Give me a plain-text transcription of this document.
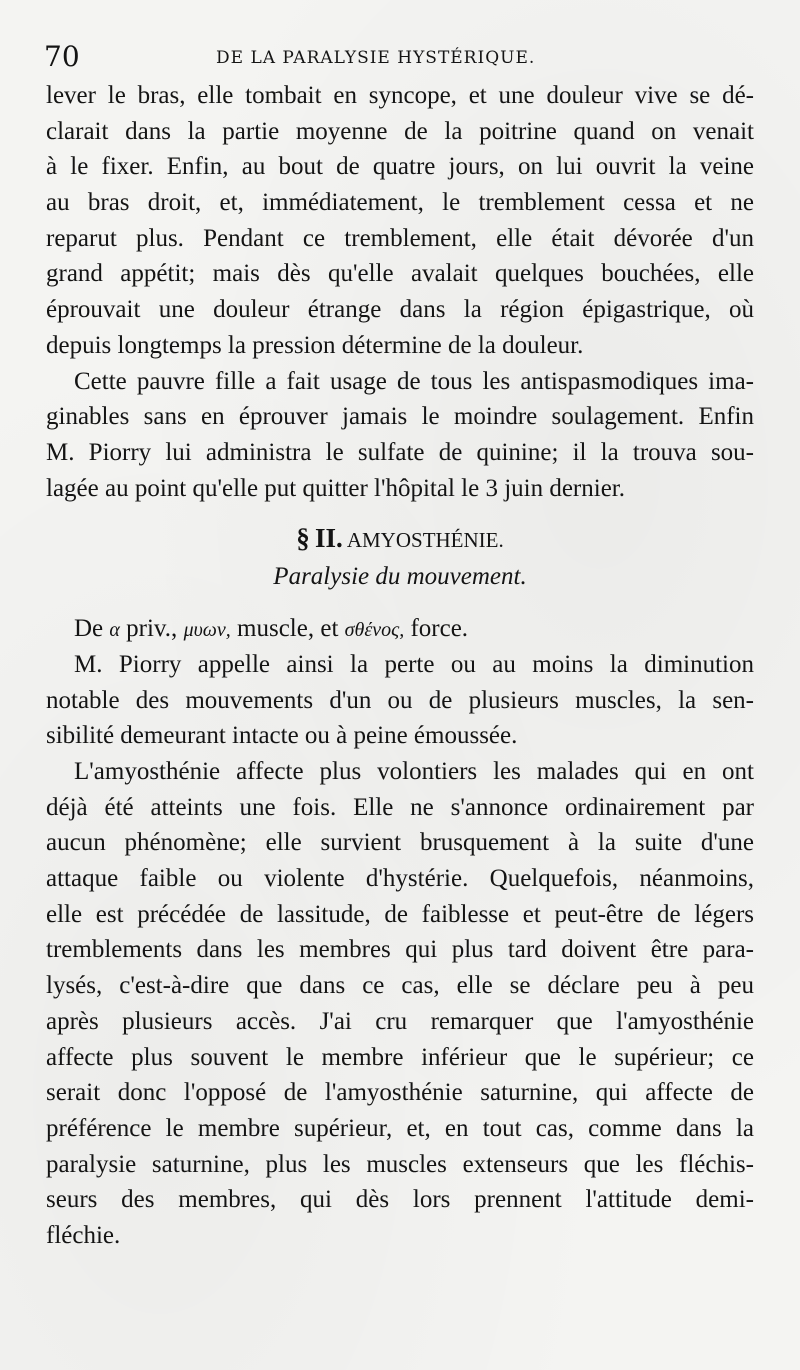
70	DE LA PARALYSIE HYSTÉRIQUE.
lever le bras, elle tombait en syncope, et une douleur vive se dé-
clarait dans la partie moyenne de la poitrine quand on venait
à le fixer. Enfin, au bout de quatre jours, on lui ouvrit la veine
au bras droit, et, immédiatement, le tremblement cessa et ne
reparut plus. Pendant ce tremblement, elle était dévorée d'un
grand appétit; mais dès qu'elle avalait quelques bouchées, elle
éprouvait une douleur étrange dans la région épigastrique, où
depuis longtemps la pression détermine de la douleur.
Cette pauvre fille a fait usage de tous les antispasmodiques ima-
ginables sans en éprouver jamais le moindre soulagement. Enfin
M. Piorry lui administra le sulfate de quinine; il la trouva sou-
lagée au point qu'elle put quitter l'hôpital le 3 juin dernier.
§ II. AMYOSTHÉNIE.
Paralysie du mouvement.
De α priv., μυων, muscle, et σθένος, force.
M. Piorry appelle ainsi la perte ou au moins la diminution
notable des mouvements d'un ou de plusieurs muscles, la sen-
sibilité demeurant intacte ou à peine émoussée.
L'amyosthénie affecte plus volontiers les malades qui en ont
déjà été atteints une fois. Elle ne s'annonce ordinairement par
aucun phénomène; elle survient brusquement à la suite d'une
attaque faible ou violente d'hystérie. Quelquefois, néanmoins,
elle est précédée de lassitude, de faiblesse et peut-être de légers
tremblements dans les membres qui plus tard doivent être para-
lysés, c'est-à-dire que dans ce cas, elle se déclare peu à peu
après plusieurs accès. J'ai cru remarquer que l'amyosthénie
affecte plus souvent le membre inférieur que le supérieur; ce
serait donc l'opposé de l'amyosthénie saturnine, qui affecte de
préférence le membre supérieur, et, en tout cas, comme dans la
paralysie saturnine, plus les muscles extenseurs que les fléchis-
seurs des membres, qui dès lors prennent l'attitude demi-
fléchie.
